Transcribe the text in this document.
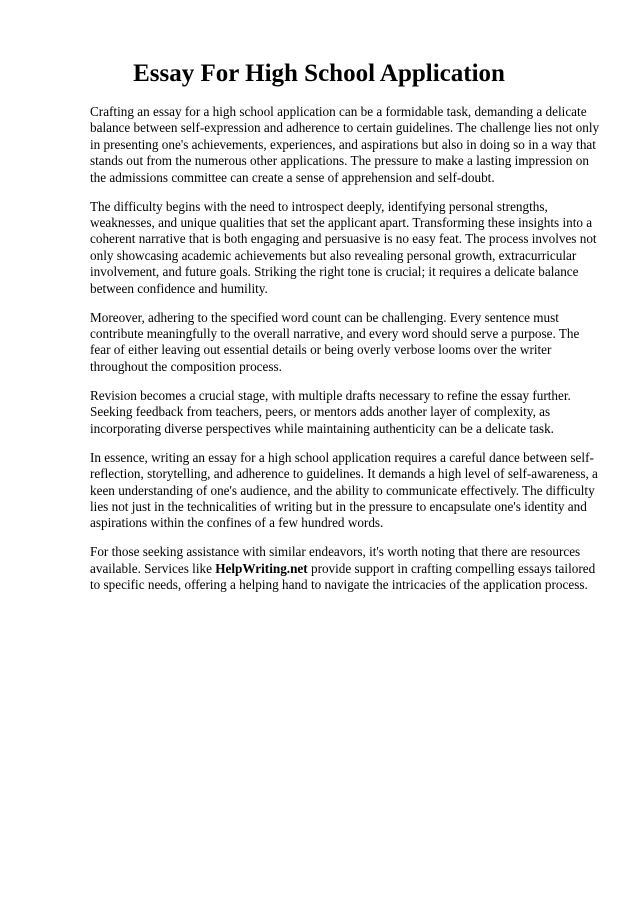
Essay For High School Application

Crafting an essay for a high school application can be a formidable task, demanding a delicate balance between self-expression and adherence to certain guidelines. The challenge lies not only in presenting one's achievements, experiences, and aspirations but also in doing so in a way that stands out from the numerous other applications. The pressure to make a lasting impression on the admissions committee can create a sense of apprehension and self-doubt.

The difficulty begins with the need to introspect deeply, identifying personal strengths, weaknesses, and unique qualities that set the applicant apart. Transforming these insights into a coherent narrative that is both engaging and persuasive is no easy feat. The process involves not only showcasing academic achievements but also revealing personal growth, extracurricular involvement, and future goals. Striking the right tone is crucial; it requires a delicate balance between confidence and humility.

Moreover, adhering to the specified word count can be challenging. Every sentence must contribute meaningfully to the overall narrative, and every word should serve a purpose. The fear of either leaving out essential details or being overly verbose looms over the writer throughout the composition process.

Revision becomes a crucial stage, with multiple drafts necessary to refine the essay further. Seeking feedback from teachers, peers, or mentors adds another layer of complexity, as incorporating diverse perspectives while maintaining authenticity can be a delicate task.

In essence, writing an essay for a high school application requires a careful dance between self-reflection, storytelling, and adherence to guidelines. It demands a high level of self-awareness, a keen understanding of one's audience, and the ability to communicate effectively. The difficulty lies not just in the technicalities of writing but in the pressure to encapsulate one's identity and aspirations within the confines of a few hundred words.

For those seeking assistance with similar endeavors, it's worth noting that there are resources available. Services like HelpWriting.net provide support in crafting compelling essays tailored to specific needs, offering a helping hand to navigate the intricacies of the application process.
